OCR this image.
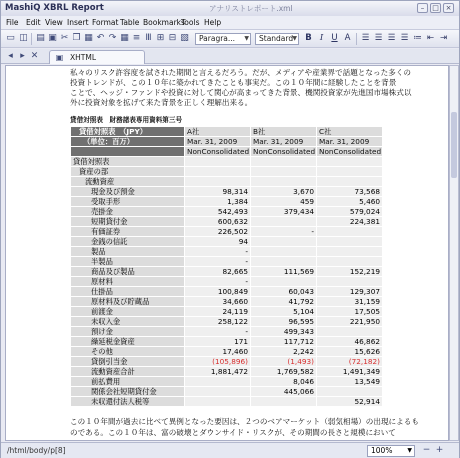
MashiQ XBRL Report	アナリストレポート.xml	–	□ ×
File Edit View Insert Format Table Bookmarks
Tools Help
▭ ◫ ▤ ▣ ✂ ❐ ▦ ↶ ↷ ▦ ≡ Ⅲ ⊞ ⊟ ▧	Paragra... ▼	Standard ▼ B I U A	☰ ☰ ☰ ☰ ≔ ⇤ ⇥
◂ ▸ ✕ ▣ XHTML
私々のリスク許容度を試された期間と言えるだろう。だが、メディアや産業界で話題となった多くの
投資トレンドが、この１０年に築かれてきたことも事実だ。この１０年間に経験したことを背景
ことで、ヘッジ・ファンドや投資に対して関心が高まってきた背景、機関投資家が先進国市場株式以
外に投資対象を拡げて来た背景を正しく理解出来る。
貸借対照表　財務諸表専用資料第三号
貸借対照表　（JPY）	A社	B社	C社
（単位：百万）	Mar. 31, 2009	Mar. 31, 2009	Mar. 31, 2009
	NonConsolidated	NonConsolidated	NonConsolidated
貸借対照表			
資産の部			
流動資産			
現金及び預金	98,314	3,670	73,568
受取手形	1,384	459	5,460
売掛金	542,493	379,434	579,024
短期貸付金	600,632		224,381
有価証券	226,502	-	
金銭の信託	94		
製品	-		
半製品	-		
商品及び製品	82,665	111,569	152,219
原材料	-		
仕掛品	100,849	60,043	129,307
原材料及び貯蔵品	34,660	41,792	31,159
前渡金	24,119	5,104	17,505
未収入金	258,122	96,595	221,950
預け金	-	499,343	
繰延税金資産	171	117,712	46,862
その他	17,460	2,242	15,626
貸倒引当金	(105,896)	(1,493)	(72,182)
流動資産合計	1,881,472	1,769,582	1,491,349
前払費用		8,046	13,549
関係会社短期貸付金		445,066	
未収還付法人税等			52,914
この１０年間が過去に比べて異例となった要因は、２つのベアマーケット（弱気相場）の出現によるも
のである。この１０年は、富の破壊とダウンサイド・リスクが、その期間の長さと規模において
/html/body/p[8]	100% ▼ − +
